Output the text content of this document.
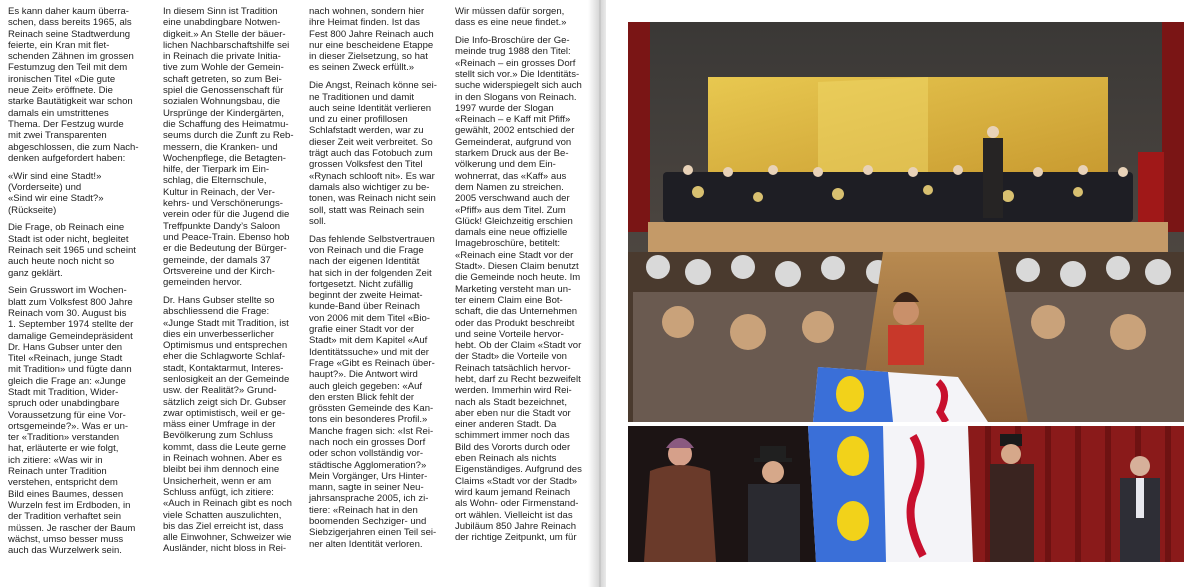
Es kann daher kaum überra-
schen, dass bereits 1965, als
Reinach seine Stadtwerdung
feierte, ein Kran mit flet-
schenden Zähnen im grossen
Festumzug den Teil mit dem
ironischen Titel «Die gute
neue Zeit» eröffnete. Die
starke Bautätigkeit war schon
damals ein umstrittenes
Thema. Der Festzug wurde
mit zwei Transparenten
abgeschlossen, die zum Nach-
denken aufgefordert haben:

«Wir sind eine Stadt!»
(Vorderseite) und
«Sind wir eine Stadt?»
(Rückseite)

Die Frage, ob Reinach eine
Stadt ist oder nicht, begleitet
Reinach seit 1965 und scheint
auch heute noch nicht so
ganz geklärt.

Sein Grusswort im Wochen-
blatt zum Volksfest 800 Jahre
Reinach vom 30. August bis
1. September 1974 stellte der
damalige Gemeindepräsident
Dr. Hans Gubser unter den
Titel «Reinach, junge Stadt
mit Tradition» und fügte dann
gleich die Frage an: «Junge
Stadt mit Tradition, Wider-
spruch oder unabdingbare
Voraussetzung für eine Vor-
ortsgemeinde?». Was er un-
ter «Tradition» verstanden
hat, erläuterte er wie folgt,
ich zitiere: «Was wir in
Reinach unter Tradition
verstehen, entspricht dem
Bild eines Baumes, dessen
Wurzeln fest im Erdboden, in
der Tradition verhaftet sein
müssen. Je rascher der Baum
wächst, umso besser muss
auch das Wurzelwerk sein.

In diesem Sinn ist Tradition
eine unabdingbare Notwen-
digkeit.» An Stelle der bäuer-
lichen Nachbarschaftshilfe sei
in Reinach die private Initia-
tive zum Wohle der Gemein-
schaft getreten, so zum Bei-
spiel die Genossenschaft für
sozialen Wohnungsbau, die
Ursprünge der Kindergärten,
die Schaffung des Heimatmu-
seums durch die Zunft zu Reb-
messern, die Kranken- und
Wochenpflege, die Betagten-
hilfe, der Tierpark im Ein-
schlag, die Elternschule,
Kultur in Reinach, der Ver-
kehrs- und Verschönerungs-
verein oder für die Jugend die
Treffpunkte Dandy’s Saloon
und Peace-Train. Ebenso hob
er die Bedeutung der Bürger-
gemeinde, der damals 37
Ortsvereine und der Kirch-
gemeinden hervor.

Dr. Hans Gubser stellte so
abschliessend die Frage:
«Junge Stadt mit Tradition, ist
dies ein unverbesserlicher
Optimismus und entsprechen
eher die Schlagworte Schlaf-
stadt, Kontaktarmut, Interes-
senlosigkeit an der Gemeinde
usw. der Realität?» Grund-
sätzlich zeigt sich Dr. Gubser
zwar optimistisch, weil er ge-
mäss einer Umfrage in der
Bevölkerung zum Schluss
kommt, dass die Leute gerne
in Reinach wohnen. Aber es
bleibt bei ihm dennoch eine
Unsicherheit, wenn er am
Schluss anfügt, ich zitiere:
«Auch in Reinach gibt es noch
viele Schatten auszulichten,
bis das Ziel erreicht ist, dass
alle Einwohner, Schweizer wie
Ausländer, nicht bloss in Rei-

nach wohnen, sondern hier
ihre Heimat finden. Ist das
Fest 800 Jahre Reinach auch
nur eine bescheidene Etappe
in dieser Zielsetzung, so hat
es seinen Zweck erfüllt.»

Die Angst, Reinach könne sei-
ne Traditionen und damit
auch seine Identität verlieren
und zu einer profillosen
Schlafstadt werden, war zu
dieser Zeit weit verbreitet. So
trägt auch das Fotobuch zum
grossen Volksfest den Titel
«Rynach schlooft nit». Es war
damals also wichtiger zu be-
tonen, was Reinach nicht sein
soll, statt was Reinach sein
soll.

Das fehlende Selbstvertrauen
von Reinach und die Frage
nach der eigenen Identität
hat sich in der folgenden Zeit
fortgesetzt. Nicht zufällig
beginnt der zweite Heimat-
kunde-Band über Reinach
von 2006 mit dem Titel «Bio-
grafie einer Stadt vor der
Stadt» mit dem Kapitel «Auf
Identitätssuche» und mit der
Frage «Gibt es Reinach über-
haupt?». Die Antwort wird
auch gleich gegeben: «Auf
den ersten Blick fehlt der
grössten Gemeinde des Kan-
tons ein besonderes Profil.»
Manche fragen sich: «Ist Rei-
nach noch ein grosses Dorf
oder schon vollständig vor-
städtische Agglomeration?»
Mein Vorgänger, Urs Hinter-
mann, sagte in seiner Neu-
jahrsansprache 2005, ich zi-
tiere: «Reinach hat in den
boomenden Sechziger- und
Siebzigerjahren einen Teil sei-
ner alten Identität verloren.

Wir müssen dafür sorgen,
dass es eine neue findet.»

Die Info-Broschüre der Ge-
meinde trug 1988 den Titel:
«Reinach – ein grosses Dorf
stellt sich vor.» Die Identitäts-
suche widerspiegelt sich auch
in den Slogans von Reinach.
1997 wurde der Slogan
«Reinach – e Kaff mit Pfiff»
gewählt, 2002 entschied der
Gemeinderat, aufgrund von
starkem Druck aus der Be-
völkerung und dem Ein-
wohnerrat, das «Kaff» aus
dem Namen zu streichen.
2005 verschwand auch der
«Pfiff» aus dem Titel. Zum
Glück! Gleichzeitig erschien
damals eine neue offizielle
Imagebroschüre, betitelt:
«Reinach eine Stadt vor der
Stadt». Diesen Claim benutzt
die Gemeinde noch heute. Im
Marketing versteht man un-
ter einem Claim eine Bot-
schaft, die das Unternehmen
oder das Produkt beschreibt
und seine Vorteile hervor-
hebt. Ob der Claim «Stadt vor
der Stadt» die Vorteile von
Reinach tatsächlich hervor-
hebt, darf zu Recht bezweifelt
werden. Immerhin wird Rei-
nach als Stadt bezeichnet,
aber eben nur die Stadt vor
einer anderen Stadt. Da
schimmert immer noch das
Bild des Vororts durch oder
eben Reinach als nichts
Eigenständiges. Aufgrund des
Claims «Stadt vor der Stadt»
wird kaum jemand Reinach
als Wohn- oder Firmenstand-
ort wählen. Vielleicht ist das
Jubiläum 850 Jahre Reinach
der richtige Zeitpunkt, um für
